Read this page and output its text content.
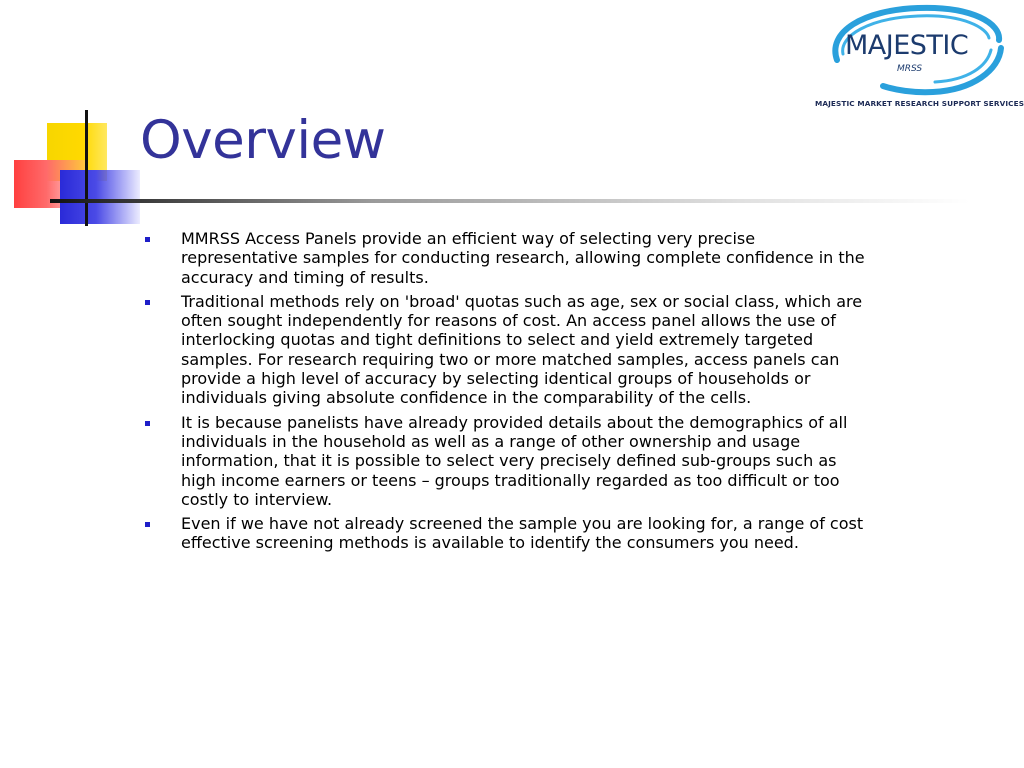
Overview
MAJESTIC
MRSS
MAJESTIC MARKET RESEARCH SUPPORT SERVICES
MMRSS Access Panels provide an efficient way of selecting very precise representative samples for conducting research, allowing complete confidence in the accuracy and timing of results.
Traditional methods rely on 'broad' quotas such as age, sex or social class, which are often sought independently for reasons of cost. An access panel allows the use of interlocking quotas and tight definitions to select and yield extremely targeted samples. For research requiring two or more matched samples, access panels can provide a high level of accuracy by selecting identical groups of households or individuals giving absolute confidence in the comparability of the cells.
It is because panelists have already provided details about the demographics of all individuals in the household as well as a range of other ownership and usage information, that it is possible to select very precisely defined sub-groups such as high income earners or teens – groups traditionally regarded as too difficult or too costly to interview.
Even if we have not already screened the sample you are looking for, a range of cost effective screening methods is available to identify the consumers you need.
